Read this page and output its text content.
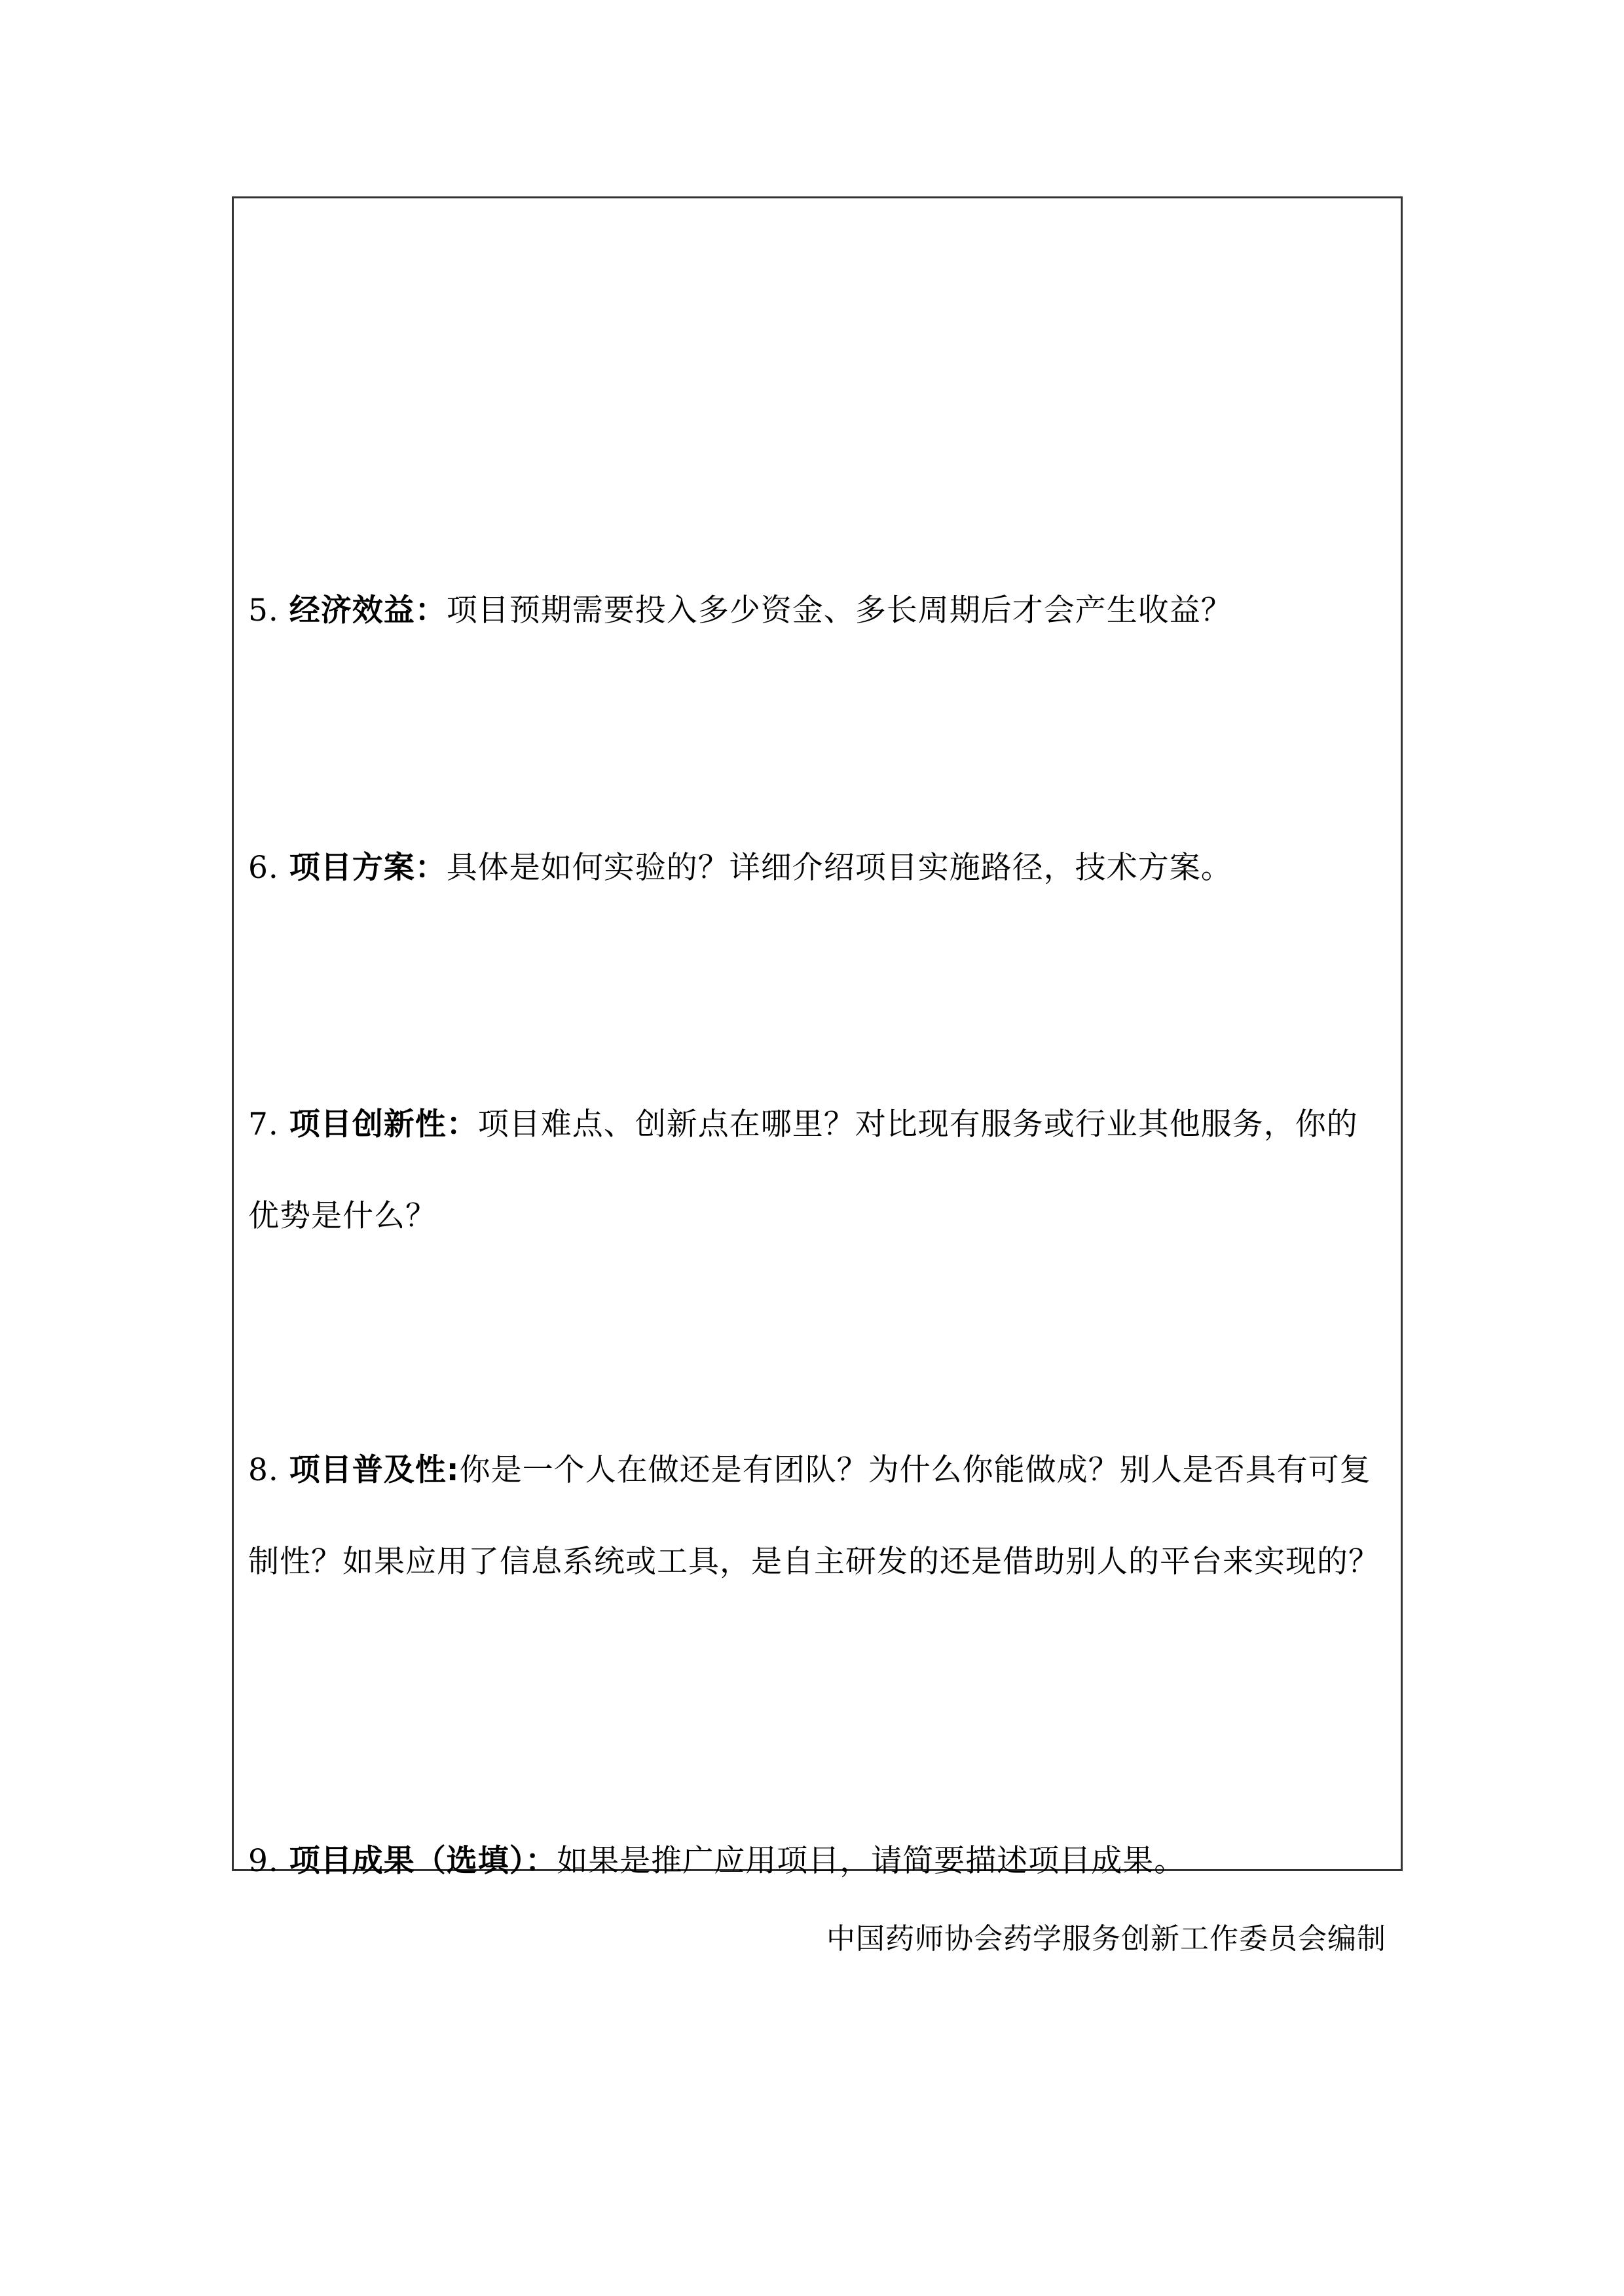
5. 经济效益：项目预期需要投入多少资金、多长周期后才会产生收益？
6. 项目方案：具体是如何实验的？详细介绍项目实施路径，技术方案。
7. 项目创新性：项目难点、创新点在哪里？对比现有服务或行业其他服务，你的优势是什么？
8. 项目普及性:你是一个人在做还是有团队？为什么你能做成？别人是否具有可复制性？如果应用了信息系统或工具，是自主研发的还是借助别人的平台来实现的？
9. 项目成果（选填）：如果是推广应用项目，请简要描述项目成果。
中国药师协会药学服务创新工作委员会编制
